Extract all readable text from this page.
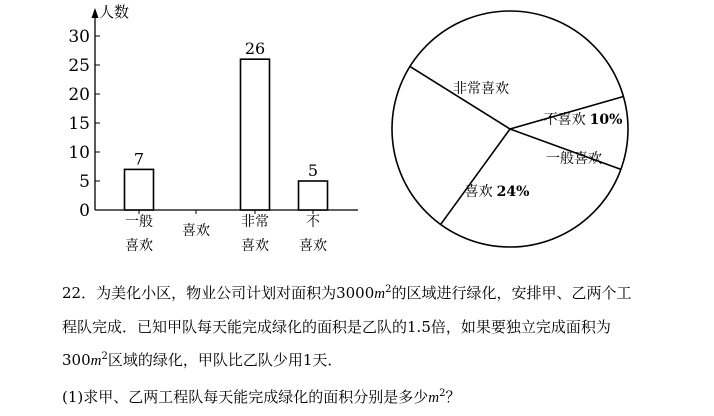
人数
0
5
10
15
20
25
30
7
一般
喜欢
喜欢
26
非常
喜欢
5
不
喜欢
非常喜欢
不喜欢 10%
一般喜欢
喜欢 24%
22．为美化小区，物业公司计划对面积为$3000m^2$的区域进行绿化，安排甲、乙两个工
程队完成．已知甲队每天能完成绿化的面积是乙队的1.5倍，如果要独立完成面积为
$300m^2$区域的绿化，甲队比乙队少用1天．
(1)求甲、乙两工程队每天能完成绿化的面积分别是多少$m^2$？
